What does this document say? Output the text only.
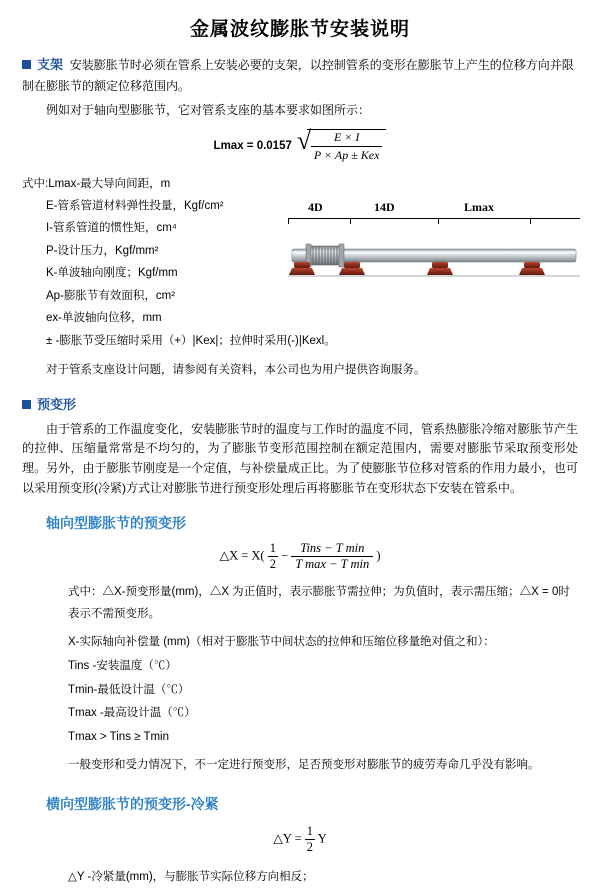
金属波纹膨胀节安装说明
支架 安装膨胀节时必须在管系上安装必要的支架，以控制管系的变形在膨胀节上产生的位移方向并限制在膨胀节的额定位移范围内。
例如对于轴向型膨胀节，它对管系支座的基本要求如图所示：
Lmax = 0.0157 √
$\frac{E \times I}{\text{P × Ap ± Kex}}$
式中:Lmax-最大导向间距，m
E-管系管道材料弹性投量，Kgf/cm²
I-管系管道的惯性矩，cm⁴
P-设计压力，Kgf/mm²
K-单波轴向刚度；Kgf/mm
Ap-膨胀节有效面积，cm²
ex-单波轴向位移，mm
± -膨胀节受压缩时采用（+）|Kex|；拉伸时采用(-)|Kexl。
对于管系支座设计问题，请参阅有关资料，本公司也为用户提供咨询服务。
4D	14D	Lmax
预变形
由于管系的工作温度变化，安装膨胀节时的温度与工作时的温度不同，管系热膨胀冷缩对膨胀节产生的拉伸、压缩量常常是不均匀的，为了膨胀节变形范围控制在额定范围内，需要对膨胀节采取预变形处理。另外，由于膨胀节刚度是一个定值，与补偿量成正比。为了使膨胀节位移对管系的作用力最小，也可以采用预变形(冷紧)方式让对膨胀节进行预变形处理后再将膨胀节在变形状态下安装在管系中。
轴向型膨胀节的预变形
△X = $X( \frac{1}{2}$ −
Tins − T min
T max − T min
)
式中：△X-预变形量(mm)，△X 为正值时，表示膨胀节需拉伸；为负值时，表示需压缩；△X = 0时表示不需预变形。
X-实际轴向补偿量 (mm)（相对于膨胀节中间状态的拉伸和压缩位移量绝对值之和）：
Tins -安装温度（℃）
Tmin-最低设计温（℃）
Tmax -最高设计温（℃）
Tmax > Tins ≥ Tmin
一般变形和受力情况下，不一定进行预变形，足否预变形对膨胀节的疲劳寿命几乎没有影响。
横向型膨胀节的预变形-冷紧
△Y = $\frac{1}{2}$ Y
△Y -冷紧量(mm)，与膨胀节实际位移方向相反；
